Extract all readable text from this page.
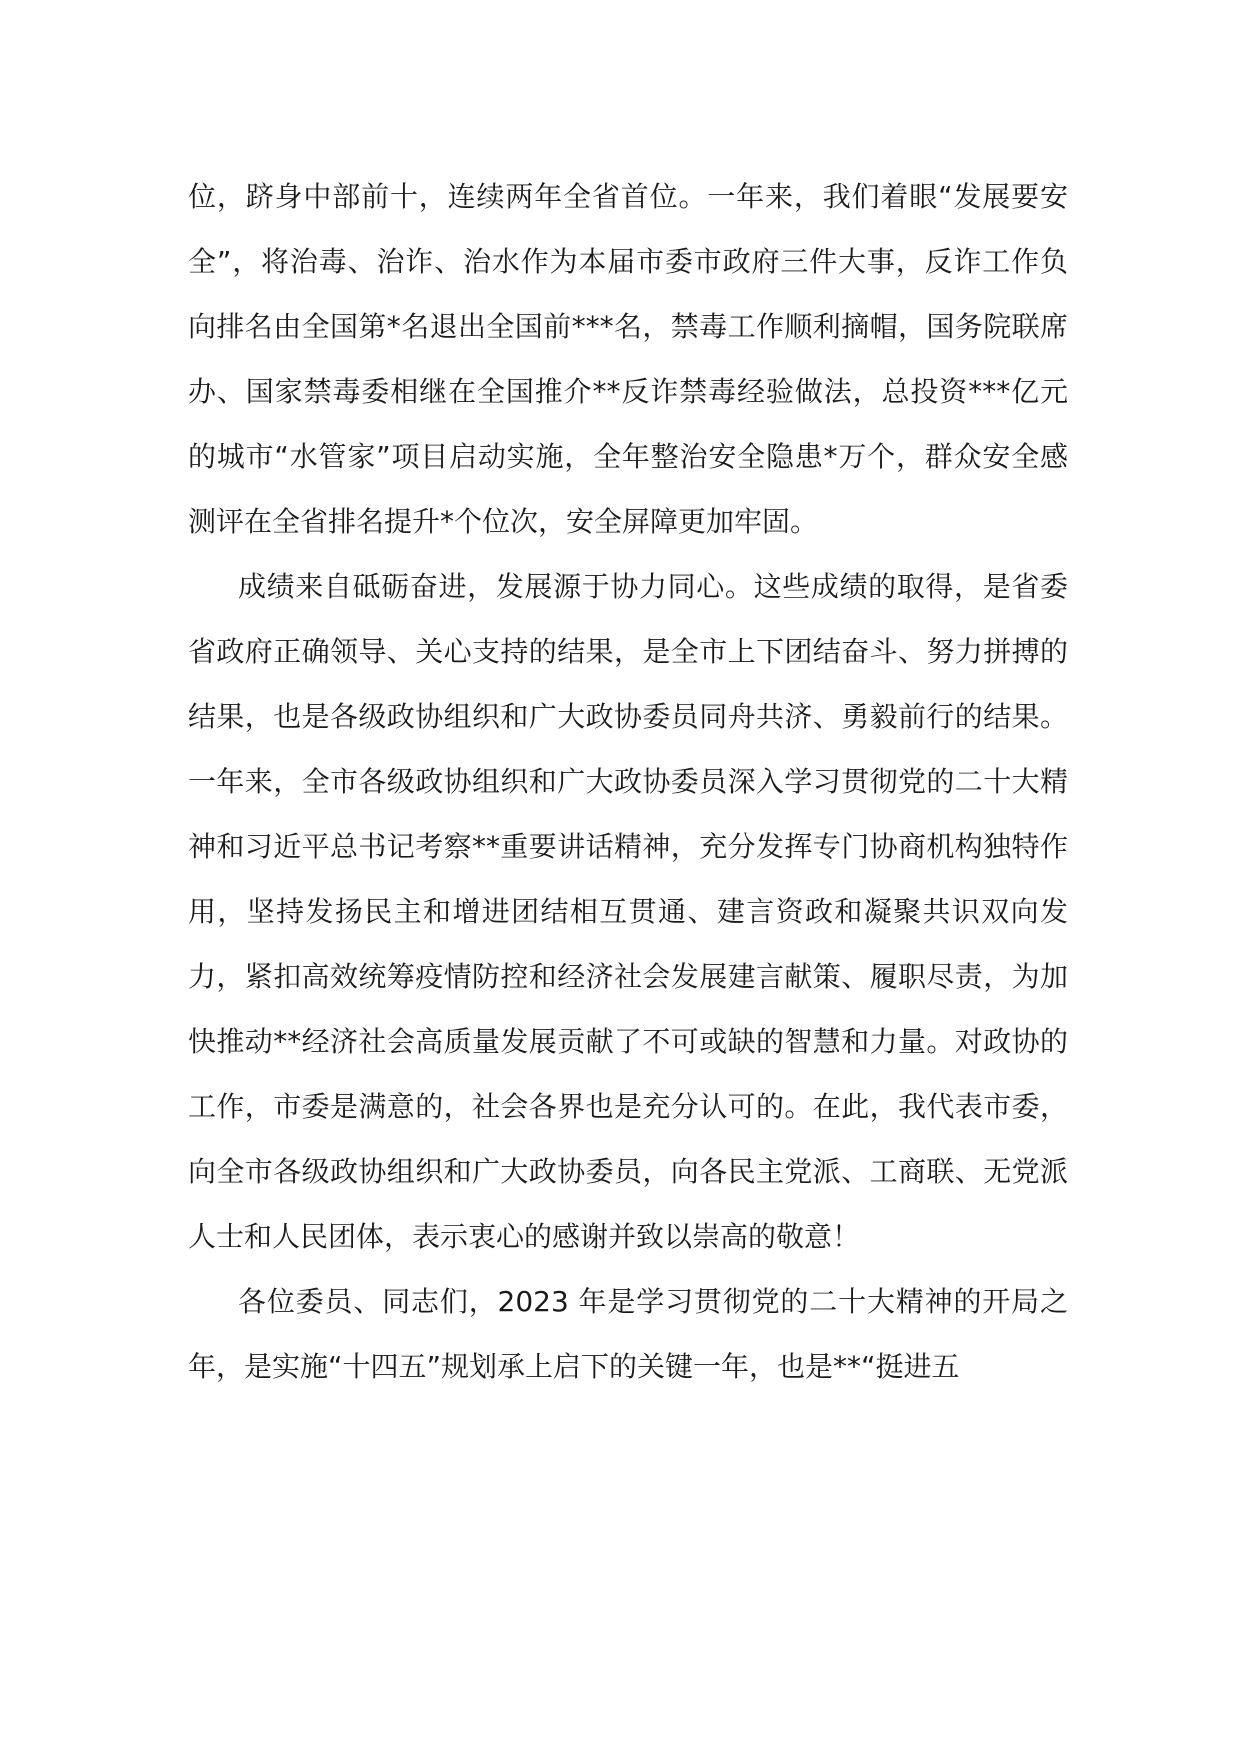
位，跻身中部前十，连续两年全省首位。一年来，我们着眼“发展要安全”，将治毒、治诈、治水作为本届市委市政府三件大事，反诈工作负向排名由全国第*名退出全国前***名，禁毒工作顺利摘帽，国务院联席办、国家禁毒委相继在全国推介**反诈禁毒经验做法，总投资***亿元的城市“水管家”项目启动实施，全年整治安全隐患*万个，群众安全感测评在全省排名提升*个位次，安全屏障更加牢固。

成绩来自砥砺奋进，发展源于协力同心。这些成绩的取得，是省委省政府正确领导、关心支持的结果，是全市上下团结奋斗、努力拼搏的结果，也是各级政协组织和广大政协委员同舟共济、勇毅前行的结果。一年来，全市各级政协组织和广大政协委员深入学习贯彻党的二十大精神和习近平总书记考察**重要讲话精神，充分发挥专门协商机构独特作用，坚持发扬民主和增进团结相互贯通、建言资政和凝聚共识双向发力，紧扣高效统筹疫情防控和经济社会发展建言献策、履职尽责，为加快推动**经济社会高质量发展贡献了不可或缺的智慧和力量。对政协的工作，市委是满意的，社会各界也是充分认可的。在此，我代表市委，向全市各级政协组织和广大政协委员，向各民主党派、工商联、无党派人士和人民团体，表示衷心的感谢并致以崇高的敬意！

各位委员、同志们，2023 年是学习贯彻党的二十大精神的开局之年，是实施“十四五”规划承上启下的关键一年，也是**“挺进五
